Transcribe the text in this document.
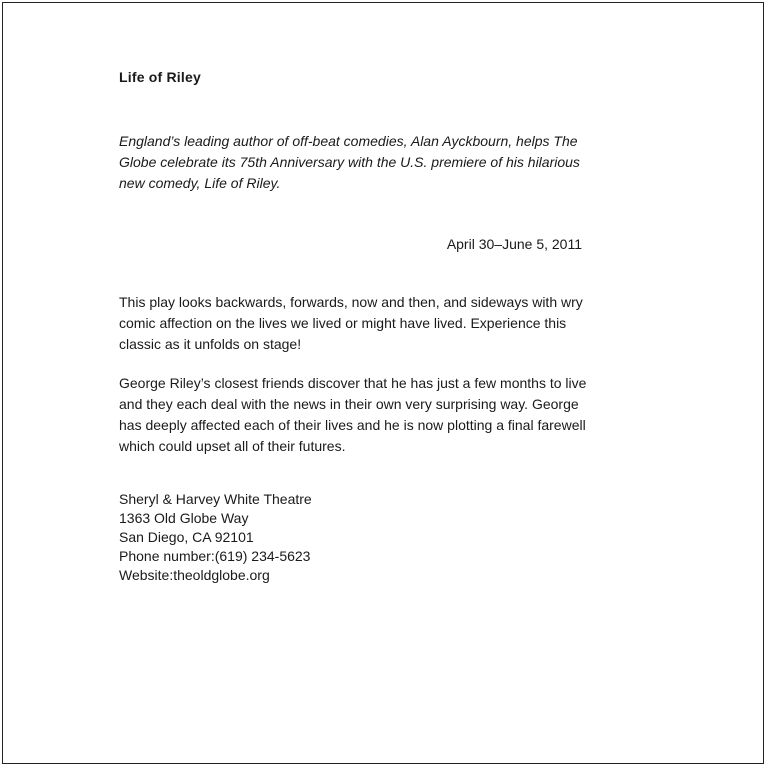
Life of Riley

England’s leading author of off-beat comedies, Alan Ayckbourn, helps The Globe celebrate its 75th Anniversary with the U.S. premiere of his hilarious new comedy, Life of Riley.

April 30–June 5, 2011

This play looks backwards, forwards, now and then, and sideways with wry comic affection on the lives we lived or might have lived. Experience this classic as it unfolds on stage!

George Riley’s closest friends discover that he has just a few months to live and they each deal with the news in their own very surprising way. George has deeply affected each of their lives and he is now plotting a final farewell which could upset all of their futures.

Sheryl & Harvey White Theatre
1363 Old Globe Way
San Diego, CA 92101
Phone number:(619) 234-5623
Website:theoldglobe.org
